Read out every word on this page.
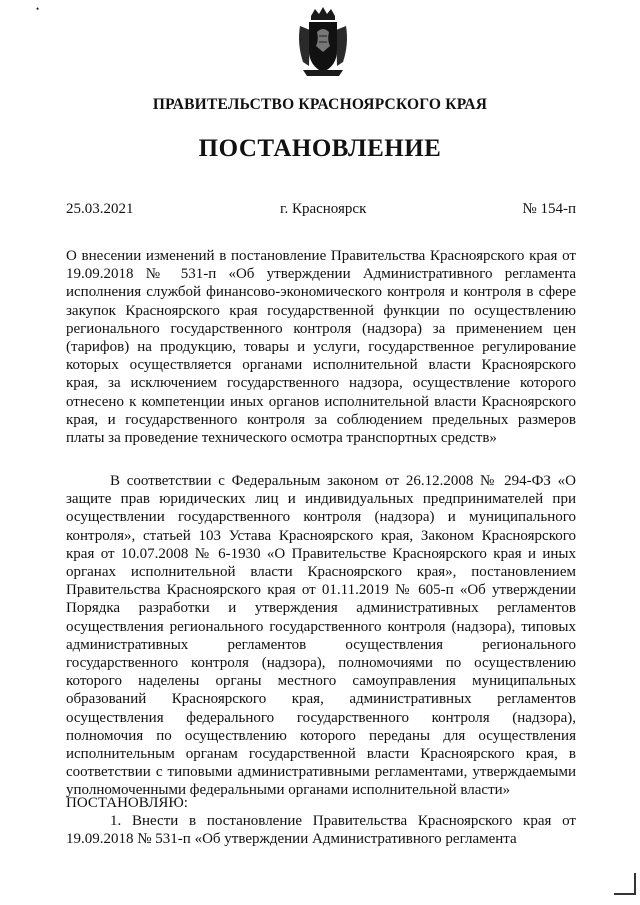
•
ПРАВИТЕЛЬСТВО КРАСНОЯРСКОГО КРАЯ
ПОСТАНОВЛЕНИЕ
25.03.2021	г. Красноярск	№ 154-п
О внесении изменений в постановление Правительства Красноярского края от 19.09.2018 № 531-п «Об утверждении Административного регламента исполнения службой финансово-экономического контроля и контроля в сфере закупок Красноярского края государственной функции по осуществлению регионального государственного контроля (надзора) за применением цен (тарифов) на продукцию, товары и услуги, государственное регулирование которых осуществляется органами исполнительной власти Красноярского края, за исключением государственного надзора, осуществление которого отнесено к компетенции иных органов исполнительной власти Красноярского края, и государственного контроля за соблюдением предельных размеров платы за проведение технического осмотра транспортных средств»
В соответствии с Федеральным законом от 26.12.2008 № 294-ФЗ «О защите прав юридических лиц и индивидуальных предпринимателей при осуществлении государственного контроля (надзора) и муниципального контроля», статьей 103 Устава Красноярского края, Законом Красноярского края от 10.07.2008 № 6-1930 «О Правительстве Красноярского края и иных органах исполнительной власти Красноярского края», постановлением Правительства Красноярского края от 01.11.2019 № 605-п «Об утверждении Порядка разработки и утверждения административных регламентов осуществления регионального государственного контроля (надзора), типовых административных регламентов осуществления регионального государственного контроля (надзора), полномочиями по осуществлению которого наделены органы местного самоуправления муниципальных образований Красноярского края, административных регламентов осуществления федерального государственного контроля (надзора), полномочия по осуществлению которого переданы для осуществления исполнительным органам государственной власти Красноярского края, в соответствии с типовыми административными регламентами, утверждаемыми уполномоченными федеральными органами исполнительной власти»
ПОСТАНОВЛЯЮ:
1. Внести в постановление Правительства Красноярского края от 19.09.2018 № 531-п «Об утверждении Административного регламента
